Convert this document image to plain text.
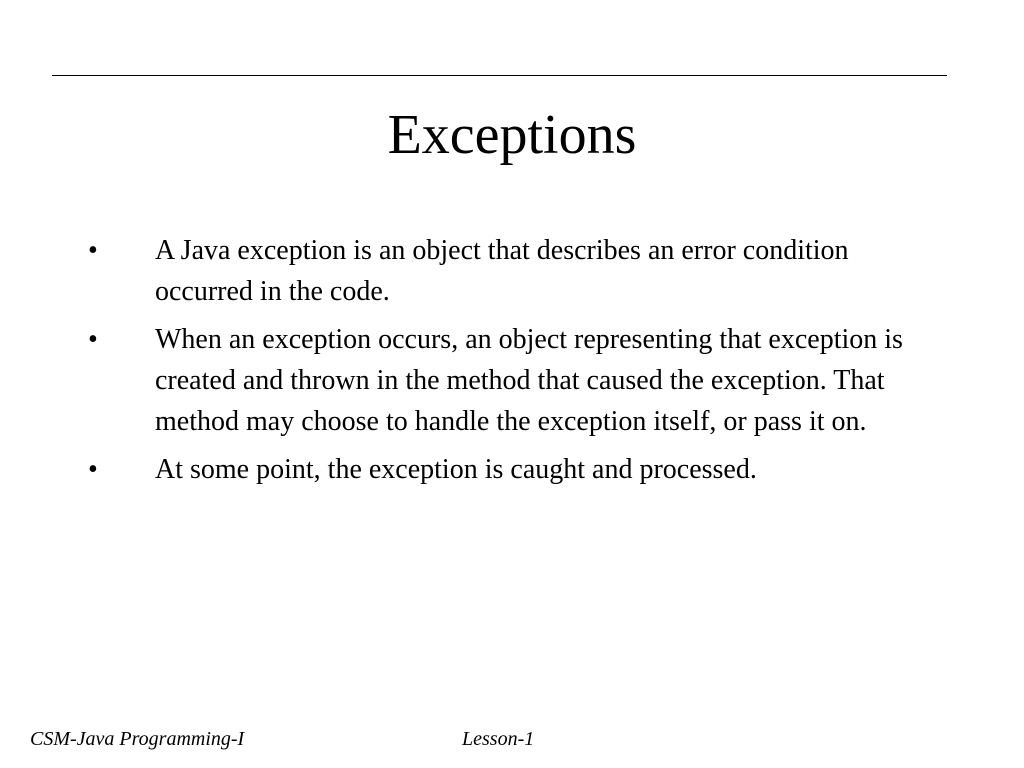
Exceptions
• A Java exception is an object that describes an error condition occurred in the code.
• When an exception occurs, an object representing that exception is created and thrown in the method that caused the exception. That method may choose to handle the exception itself, or pass it on.
• At some point, the exception is caught and processed.
CSM-Java Programming-I	Lesson-1
